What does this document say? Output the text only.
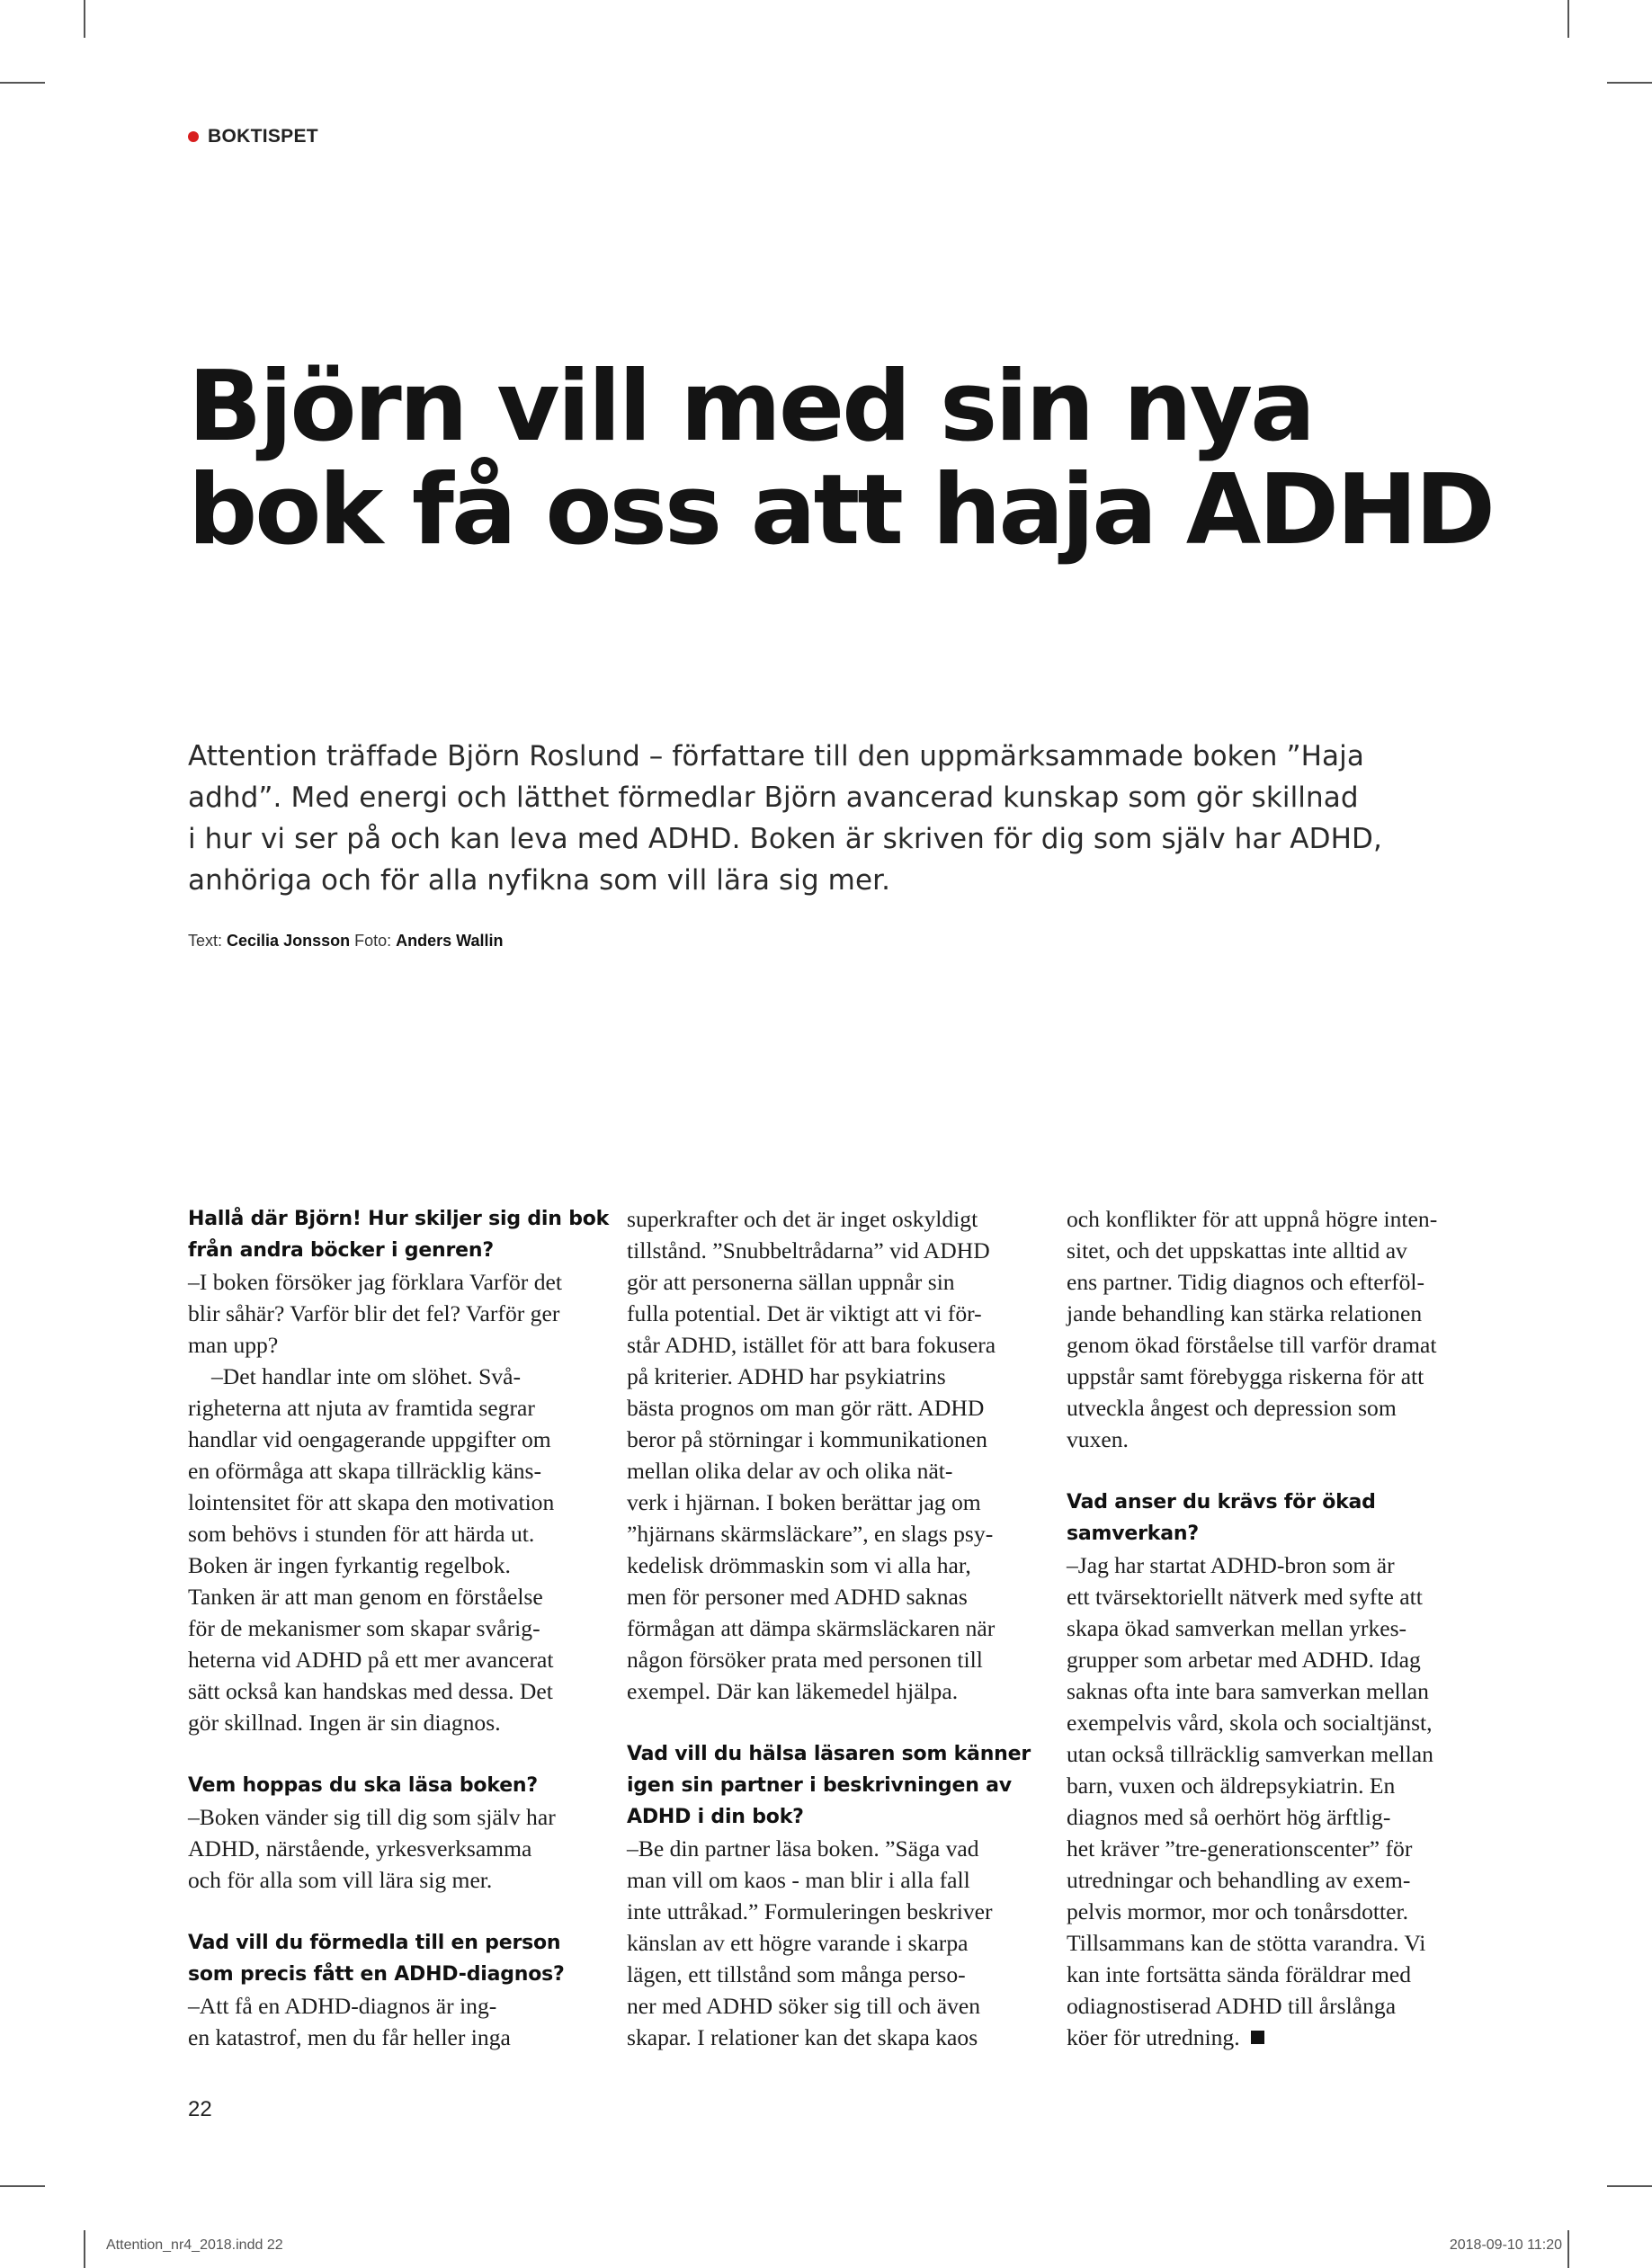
BOKTISPET
Björn vill med sin nya
bok få oss att haja ADHD

Attention träffade Björn Roslund – författare till den uppmärksammade boken ”Haja
adhd”. Med energi och lätthet förmedlar Björn avancerad kunskap som gör skillnad
i hur vi ser på och kan leva med ADHD. Boken är skriven för dig som själv har ADHD,
anhöriga och för alla nyfikna som vill lära sig mer.

Text: Cecilia Jonsson Foto: Anders Wallin
Hallå där Björn! Hur skiljer sig din bok
från andra böcker i genren?
–I boken försöker jag förklara Varför det
blir såhär? Varför blir det fel? Varför ger
man upp?
–Det handlar inte om slöhet. Svå-
righeterna att njuta av framtida segrar
handlar vid oengagerande uppgifter om
en oförmåga att skapa tillräcklig käns-
lointensitet för att skapa den motivation
som behövs i stunden för att härda ut.
Boken är ingen fyrkantig regelbok.
Tanken är att man genom en förståelse
för de mekanismer som skapar svårig-
heterna vid ADHD på ett mer avancerat
sätt också kan handskas med dessa. Det
gör skillnad. Ingen är sin diagnos.
Vem hoppas du ska läsa boken?
–Boken vänder sig till dig som själv har
ADHD, närstående, yrkesverksamma
och för alla som vill lära sig mer.
Vad vill du förmedla till en person
som precis fått en ADHD-diagnos?
–Att få en ADHD-diagnos är ing-
en katastrof, men du får heller inga
superkrafter och det är inget oskyldigt
tillstånd. ”Snubbeltrådarna” vid ADHD
gör att personerna sällan uppnår sin
fulla potential. Det är viktigt att vi för-
står ADHD, istället för att bara fokusera
på kriterier. ADHD har psykiatrins
bästa prognos om man gör rätt. ADHD
beror på störningar i kommunikationen
mellan olika delar av och olika nät-
verk i hjärnan. I boken berättar jag om
”hjärnans skärmsläckare”, en slags psy-
kedelisk drömmaskin som vi alla har,
men för personer med ADHD saknas
förmågan att dämpa skärmsläckaren när
någon försöker prata med personen till
exempel. Där kan läkemedel hjälpa.
Vad vill du hälsa läsaren som känner
igen sin partner i beskrivningen av
ADHD i din bok?
–Be din partner läsa boken. ”Säga vad
man vill om kaos - man blir i alla fall
inte uttråkad.” Formuleringen beskriver
känslan av ett högre varande i skarpa
lägen, ett tillstånd som många perso-
ner med ADHD söker sig till och även
skapar. I relationer kan det skapa kaos
och konflikter för att uppnå högre inten-
sitet, och det uppskattas inte alltid av
ens partner. Tidig diagnos och efterföl-
jande behandling kan stärka relationen
genom ökad förståelse till varför dramat
uppstår samt förebygga riskerna för att
utveckla ångest och depression som
vuxen.
Vad anser du krävs för ökad
samverkan?
–Jag har startat ADHD-bron som är
ett tvärsektoriellt nätverk med syfte att
skapa ökad samverkan mellan yrkes-
grupper som arbetar med ADHD. Idag
saknas ofta inte bara samverkan mellan
exempelvis vård, skola och socialtjänst,
utan också tillräcklig samverkan mellan
barn, vuxen och äldrepsykiatrin. En
diagnos med så oerhört hög ärftlig-
het kräver ”tre-generationscenter” för
utredningar och behandling av exem-
pelvis mormor, mor och tonårsdotter.
Tillsammans kan de stötta varandra. Vi
kan inte fortsätta sända föräldrar med
odiagnostiserad ADHD till årslånga
köer för utredning.
22
Attention_nr4_2018.indd 22	2018-09-10 11:20
